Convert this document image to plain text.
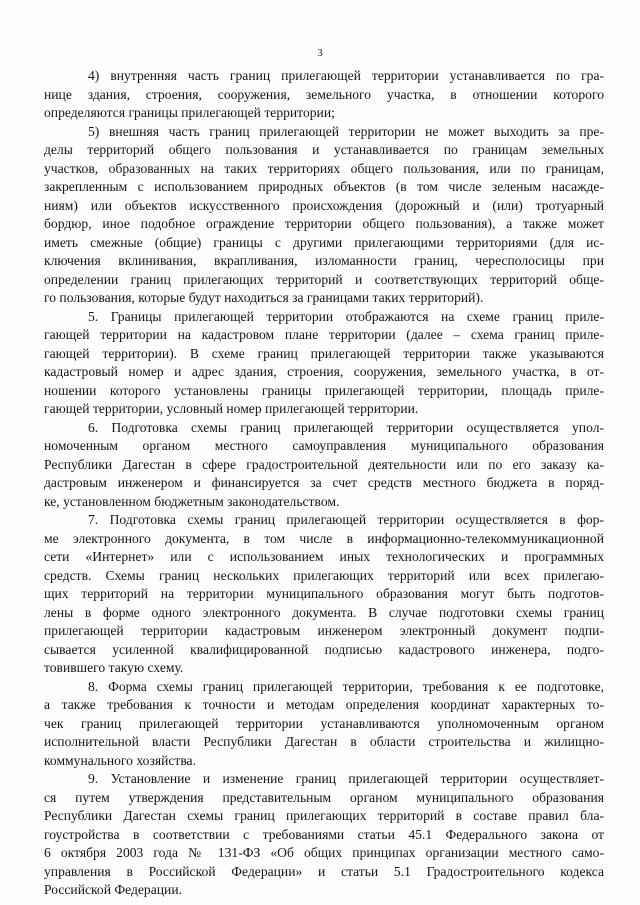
3

4) внутренняя часть границ прилегающей территории устанавливается по гра-
нице здания, строения, сооружения, земельного участка, в отношении которого
определяются границы прилегающей территории;

5) внешняя часть границ прилегающей территории не может выходить за пре-
делы территорий общего пользования и устанавливается по границам земельных
участков, образованных на таких территориях общего пользования, или по границам,
закрепленным с использованием природных объектов (в том числе зеленым насажде-
ниям) или объектов искусственного происхождения (дорожный и (или) тротуарный
бордюр, иное подобное ограждение территории общего пользования), а также может
иметь смежные (общие) границы с другими прилегающими территориями (для ис-
ключения вклинивания, вкрапливания, изломанности границ, чересполосицы при
определении границ прилегающих территорий и соответствующих территорий обще-
го пользования, которые будут находиться за границами таких территорий).

5. Границы прилегающей территории отображаются на схеме границ приле-
гающей территории на кадастровом плане территории (далее – схема границ приле-
гающей территории). В схеме границ прилегающей территории также указываются
кадастровый номер и адрес здания, строения, сооружения, земельного участка, в от-
ношении которого установлены границы прилегающей территории, площадь приле-
гающей территории, условный номер прилегающей территории.

6. Подготовка схемы границ прилегающей территории осуществляется упол-
номоченным органом местного самоуправления муниципального образования
Республики Дагестан в сфере градостроительной деятельности или по его заказу ка-
дастровым инженером и финансируется за счет средств местного бюджета в поряд-
ке, установленном бюджетным законодательством.

7. Подготовка схемы границ прилегающей территории осуществляется в фор-
ме электронного документа, в том числе в информационно-телекоммуникационной
сети «Интернет» или с использованием иных технологических и программных
средств. Схемы границ нескольких прилегающих территорий или всех прилегаю-
щих территорий на территории муниципального образования могут быть подготов-
лены в форме одного электронного документа. В случае подготовки схемы границ
прилегающей территории кадастровым инженером электронный документ подпи-
сывается усиленной квалифицированной подписью кадастрового инженера, подго-
товившего такую схему.

8. Форма схемы границ прилегающей территории, требования к ее подготовке,
а также требования к точности и методам определения координат характерных то-
чек границ прилегающей территории устанавливаются уполномоченным органом
исполнительной власти Республики Дагестан в области строительства и жилищно-
коммунального хозяйства.

9. Установление и изменение границ прилегающей территории осуществляет-
ся путем утверждения представительным органом муниципального образования
Республики Дагестан схемы границ прилегающих территорий в составе правил бла-
гоустройства в соответствии с требованиями статьи 45.1 Федерального закона от
6 октября 2003 года № 131-ФЗ «Об общих принципах организации местного само-
управления в Российской Федерации» и статьи 5.1 Градостроительного кодекса
Российской Федерации.
